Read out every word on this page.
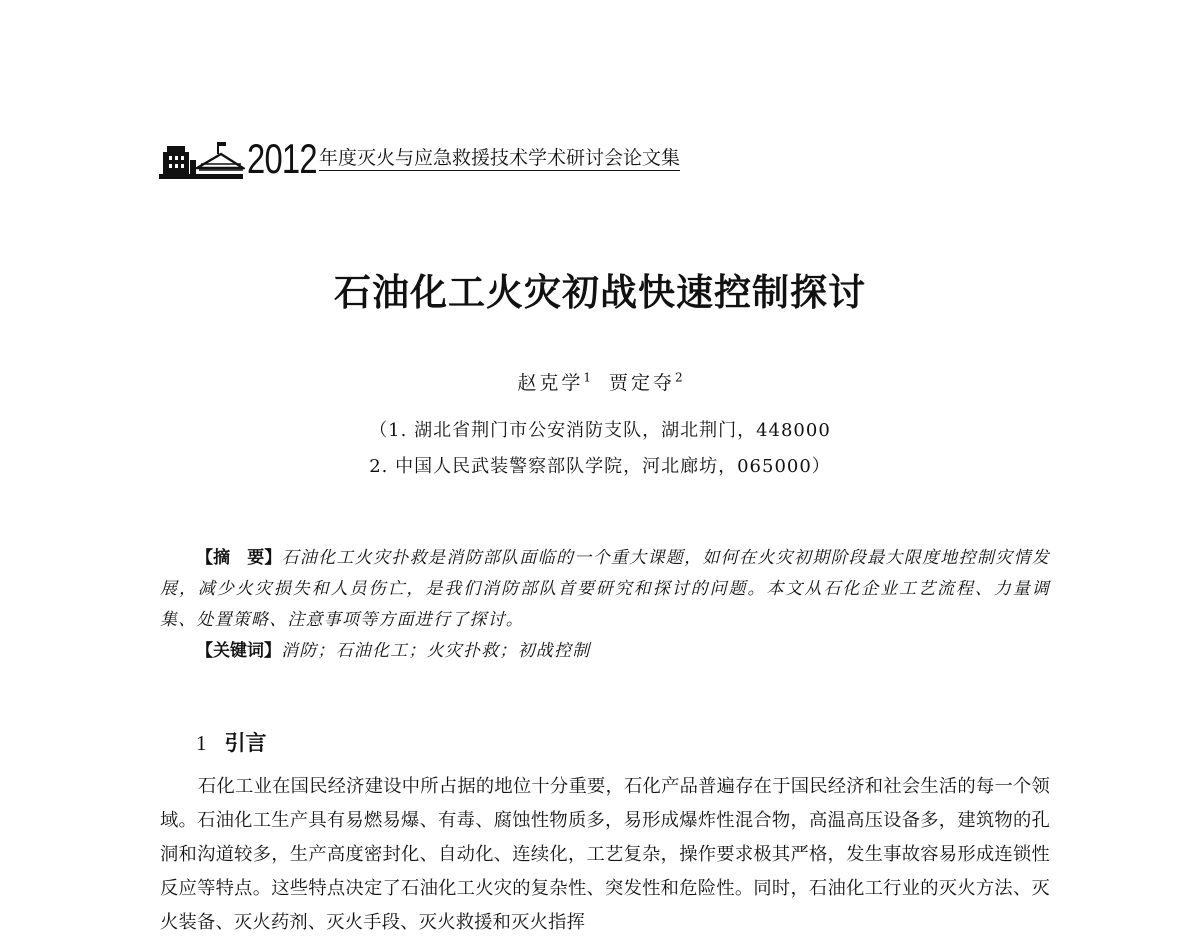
2012 年度灭火与应急救援技术学术研讨会论文集
石油化工火灾初战快速控制探讨
赵克学$^1$ 贾定夺$^2$
（1. 湖北省荆门市公安消防支队，湖北荆门，448000
2. 中国人民武装警察部队学院，河北廊坊，065000）
【摘　要】石油化工火灾扑救是消防部队面临的一个重大课题，如何在火灾初期阶段最大限度地控制灾情发展，减少火灾损失和人员伤亡，是我们消防部队首要研究和探讨的问题。本文从石化企业工艺流程、力量调集、处置策略、注意事项等方面进行了探讨。
【关键词】消防；石油化工；火灾扑救；初战控制
1 引言
石化工业在国民经济建设中所占据的地位十分重要，石化产品普遍存在于国民经济和社会生活的每一个领域。石油化工生产具有易燃易爆、有毒、腐蚀性物质多，易形成爆炸性混合物，高温高压设备多，建筑物的孔洞和沟道较多，生产高度密封化、自动化、连续化，工艺复杂，操作要求极其严格，发生事故容易形成连锁性反应等特点。这些特点决定了石油化工火灾的复杂性、突发性和危险性。同时，石油化工行业的灭火方法、灭火装备、灭火药剂、灭火手段、灭火救援和灭火指挥
